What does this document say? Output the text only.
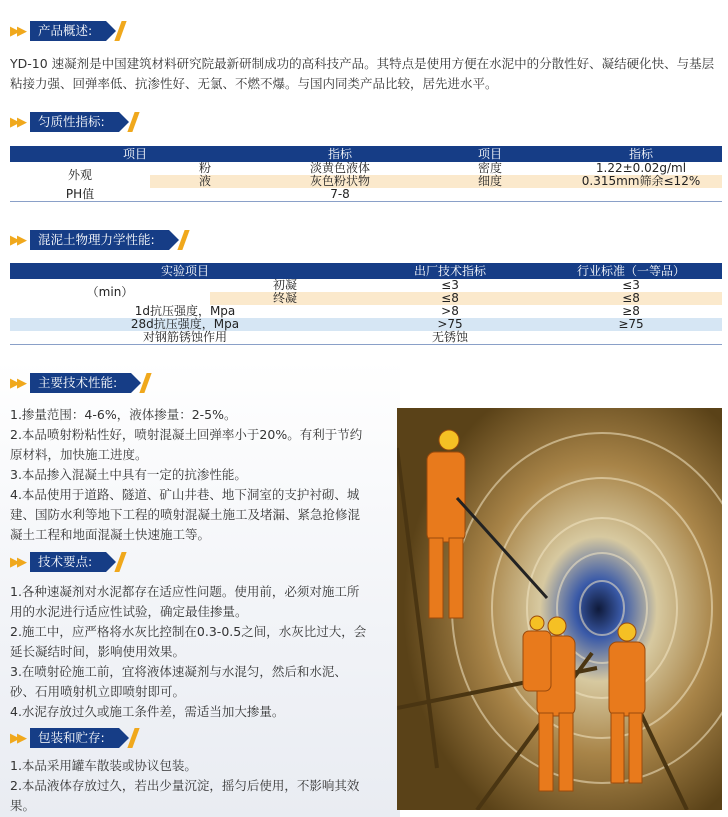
▶▶	产品概述:
YD-10 速凝剂是中国建筑材料研究院最新研制成功的高科技产品。其特点是使用方便在水泥中的分散性好、凝结硬化快、与基层粘接力强、回弹率低、抗渗性好、无氯、不燃不爆。与国内同类产品比较，居先进水平。
▶▶	匀质性指标:
项目		指标	项目	指标
外观	粉	淡黄色液体	密度	1.22±0.02g/ml
	液	灰色粉状物	细度	0.315mm筛余≤12%
PH值		7-8		
▶▶	混泥土物理力学性能:
实验项目		出厂技术指标	行业标准（一等品）
（min）	初凝	≤3	≤3
	终凝	≤8	≤8
1d抗压强度，Mpa		>8	≥8
28d抗压强度，Mpa		>75	≥75
对钢筋锈蚀作用		无锈蚀	
▶▶	主要技术性能:

1.掺量范围：4-6%，液体掺量：2-5%。

2.本品喷射粉粘性好，喷射混凝土回弹率小于20%。有利于节约原材料，加快施工进度。

3.本品掺入混凝土中具有一定的抗渗性能。

4.本品使用于道路、隧道、矿山井巷、地下洞室的支护衬砌、城建、国防水利等地下工程的喷射混凝土施工及堵漏、紧急抢修混凝土工程和地面混凝土快速施工等。

▶▶	技术要点:

1.各种速凝剂对水泥都存在适应性问题。使用前，必须对施工所用的水泥进行适应性试验，确定最佳掺量。

2.施工中，应严格将水灰比控制在0.3-0.5之间，水灰比过大，会延长凝结时间，影响使用效果。

3.在喷射砼施工前，宜将液体速凝剂与水混匀，然后和水泥、砂、石用喷射机立即喷射即可。

4.水泥存放过久或施工条件差，需适当加大掺量。

▶▶	包装和贮存:

1.本品采用罐车散装或协议包装。

2.本品液体存放过久，若出少量沉淀，摇匀后使用，不影响其效果。
